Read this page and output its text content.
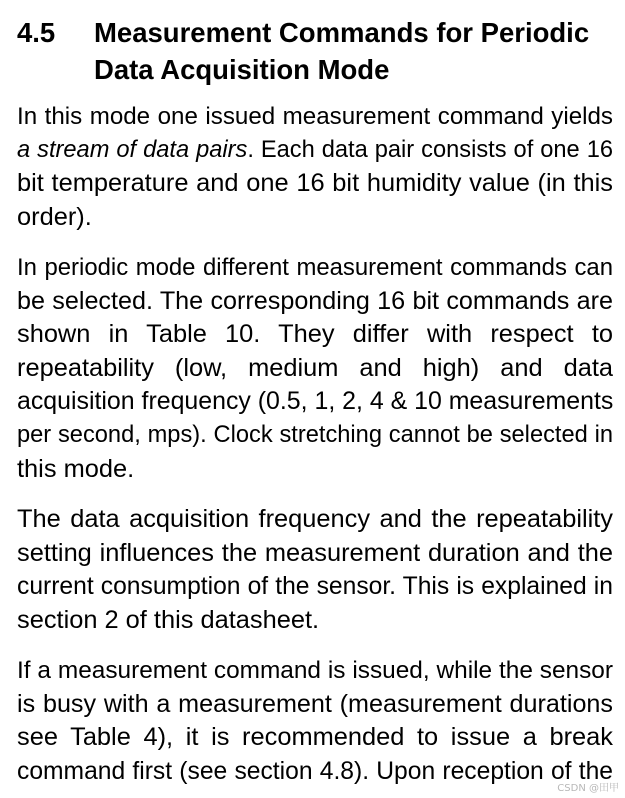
4.5	Measurement Commands for Periodic
Data Acquisition Mode
In this mode one issued measurement command yields
a stream of data pairs. Each data pair consists of one 16
bit temperature and one 16 bit humidity value (in this
order).
In periodic mode different measurement commands can
be selected. The corresponding 16 bit commands are
shown in Table 10. They differ with respect to
repeatability (low, medium and high) and data
acquisition frequency (0.5, 1, 2, 4 & 10 measurements
per second, mps). Clock stretching cannot be selected in
this mode.
The data acquisition frequency and the repeatability
setting influences the measurement duration and the
current consumption of the sensor. This is explained in
section 2 of this datasheet.
If a measurement command is issued, while the sensor
is busy with a measurement (measurement durations
see Table 4), it is recommended to issue a break
command first (see section 4.8). Upon reception of the
CSDN @田甲
